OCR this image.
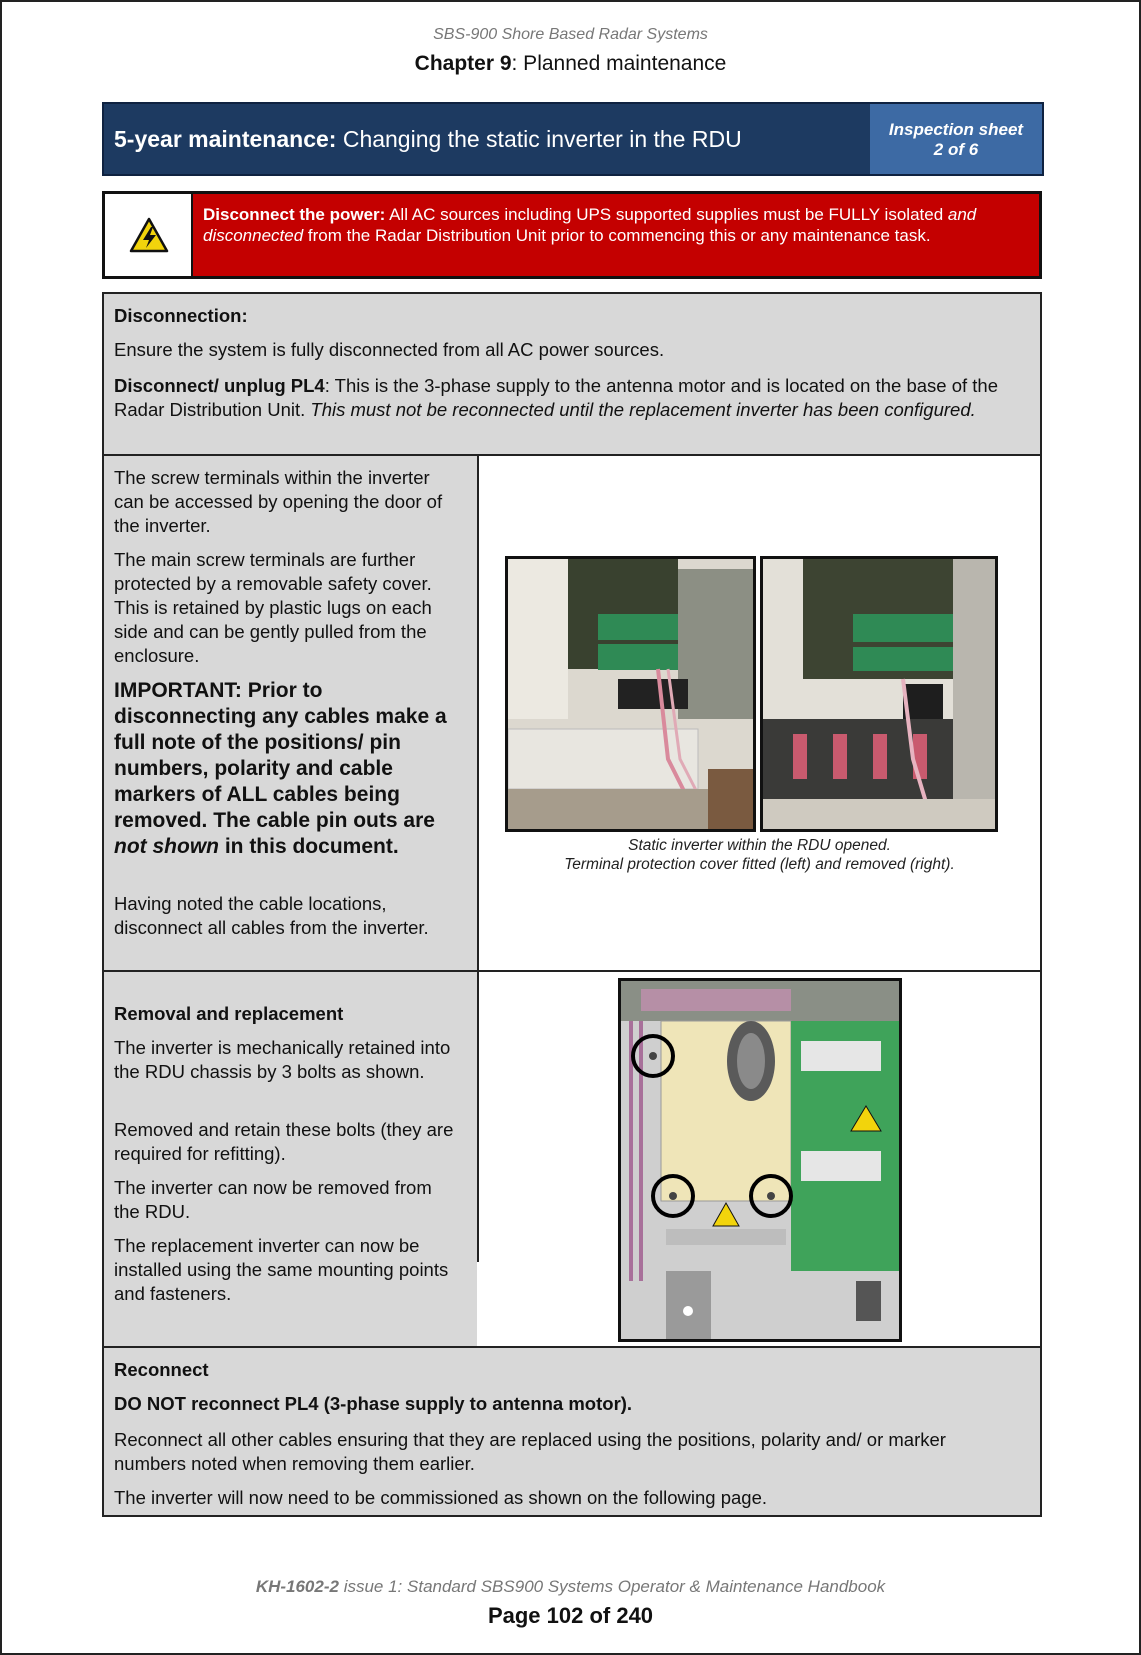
SBS-900 Shore Based Radar Systems
Chapter 9: Planned maintenance
5-year maintenance: Changing the static inverter in the RDU	Inspection sheet
2 of 6
Disconnect the power: All AC sources including UPS supported supplies must be FULLY isolated and disconnected from the Radar Distribution Unit prior to commencing this or any maintenance task.

Disconnection:

Ensure the system is fully disconnected from all AC power sources.

Disconnect/ unplug PL4: This is the 3-phase supply to the antenna motor and is located on the base of the Radar Distribution Unit. This must not be reconnected until the replacement inverter has been configured.

The screw terminals within the inverter can be accessed by opening the door of the inverter.

The main screw terminals are further protected by a removable safety cover. This is retained by plastic lugs on each side and can be gently pulled from the enclosure.

IMPORTANT: Prior to disconnecting any cables make a full note of the positions/ pin numbers, polarity and cable markers of ALL cables being removed. The cable pin outs are not shown in this document.

Having noted the cable locations, disconnect all cables from the inverter.

Static inverter within the RDU opened.
Terminal protection cover fitted (left) and removed (right).

Removal and replacement

The inverter is mechanically retained into the RDU chassis by 3 bolts as shown.

Removed and retain these bolts (they are required for refitting).

The inverter can now be removed from the RDU.

The replacement inverter can now be installed using the same mounting points and fasteners.

Reconnect

DO NOT reconnect PL4 (3-phase supply to antenna motor).

Reconnect all other cables ensuring that they are replaced using the positions, polarity and/ or marker numbers noted when removing them earlier.

The inverter will now need to be commissioned as shown on the following page.

KH-1602-2 issue 1: Standard SBS900 Systems Operator & Maintenance Handbook
Page 102 of 240
